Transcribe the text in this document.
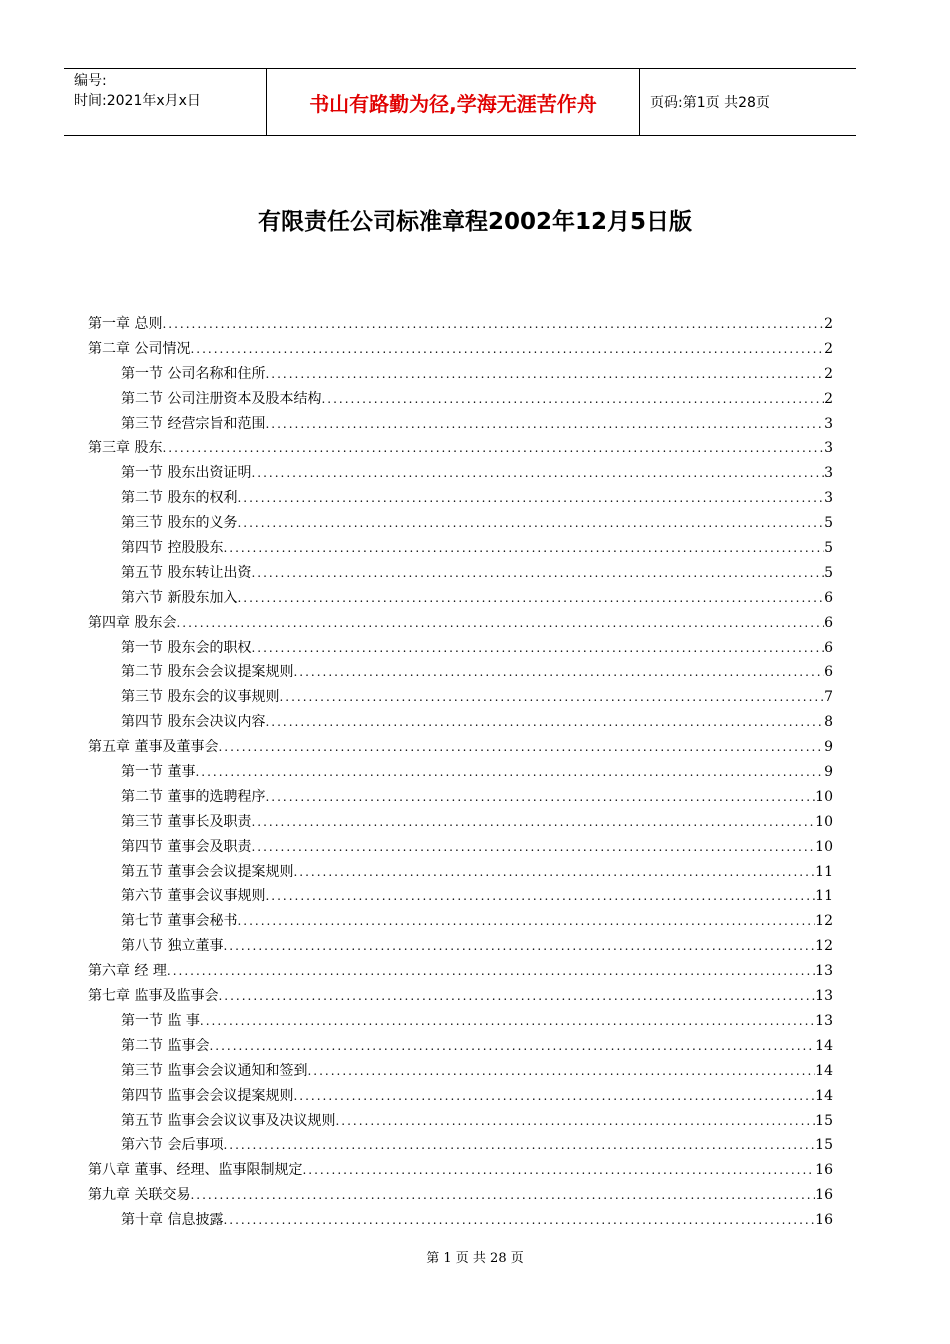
编号:
时间:2021年x月x日	书山有路勤为径,学海无涯苦作舟	页码:第1页 共28页
有限责任公司标准章程2002年12月5日版
第一章 总则 .....	2
第二章 公司情况 .....	2
第一节 公司名称和住所 .....	2
第二节 公司注册资本及股本结构 .....	2
第三节 经营宗旨和范围 .....	3
第三章 股东 .....	3
第一节 股东出资证明 .....	3
第二节 股东的权利 .....	3
第三节 股东的义务 .....	5
第四节 控股股东 .....	5
第五节 股东转让出资 .....	5
第六节 新股东加入 .....	6
第四章 股东会 .....	6
第一节 股东会的职权 .....	6
第二节 股东会会议提案规则 .....	6
第三节 股东会的议事规则 .....	7
第四节 股东会决议内容 .....	8
第五章 董事及董事会 .....	9
第一节 董事 .....	9
第二节 董事的选聘程序 .....	10
第三节 董事长及职责 .....	10
第四节 董事会及职责 .....	10
第五节 董事会会议提案规则 .....	11
第六节 董事会议事规则 .....	11
第七节 董事会秘书 .....	12
第八节 独立董事 .....	12
第六章 经 理 .....	13
第七章 监事及监事会 .....	13
第一节 监 事 .....	13
第二节 监事会 .....	14
第三节 监事会会议通知和签到 .....	14
第四节 监事会会议提案规则 .....	14
第五节 监事会会议议事及决议规则 .....	15
第六节 会后事项 .....	15
第八章 董事、经理、监事限制规定 .....	16
第九章 关联交易 .....	16
第十章 信息披露 .....	16
第 1 页 共 28 页
